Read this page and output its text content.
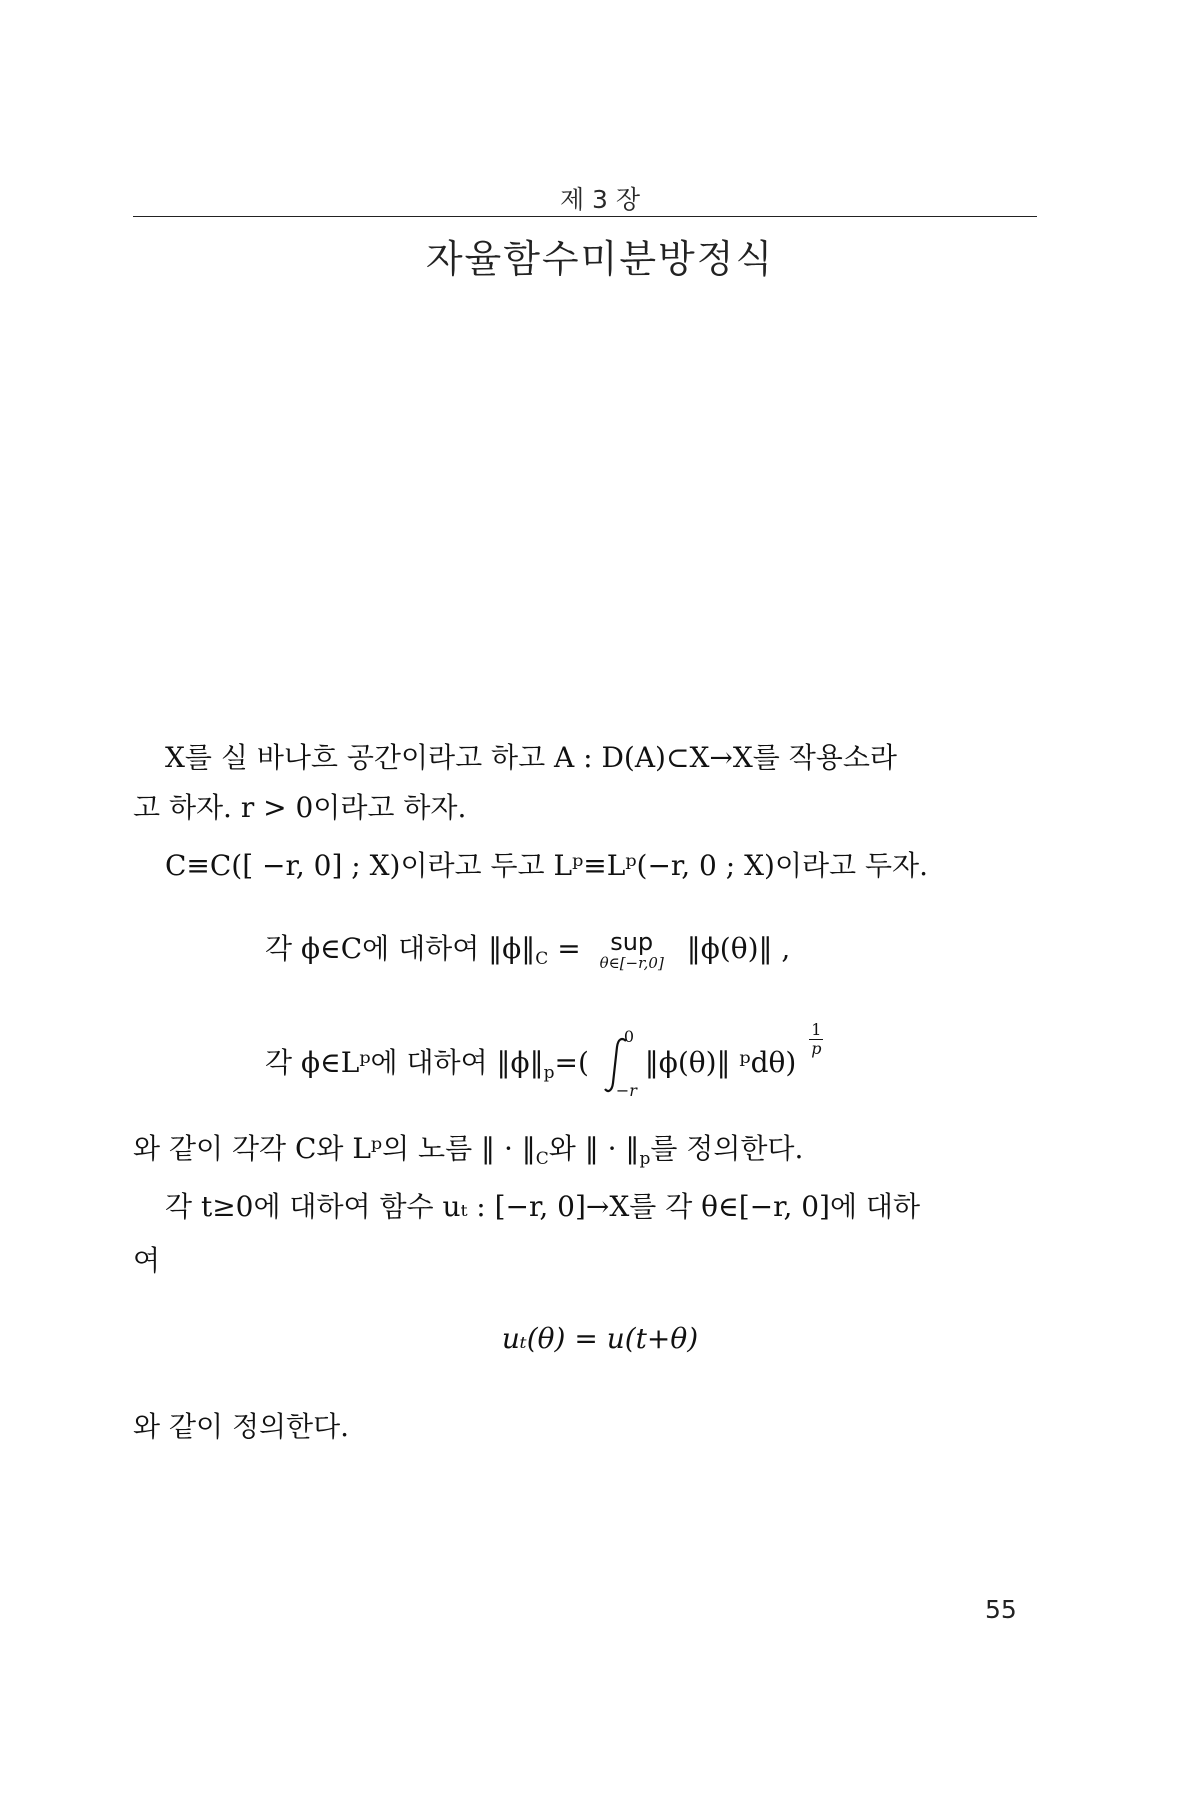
제 3 장
자율함수미분방정식
X를 실 바나흐 공간이라고 하고 A : D(A)⊂X→X를 작용소라
고 하자. r > 0이라고 하자.
C≡C([ −r, 0] ; X)이라고 두고 Lᵖ≡Lᵖ(−r, 0 ; X)이라고 두자.
각 ϕ∈C에 대하여 $‖\phi‖_C$ =	sup
θ∈[−r,0] ‖ϕ(θ)‖ ,
각 ϕ∈Lᵖ에 대하여 $‖\phi‖_p=$(
0
−r
‖ϕ(θ)‖ ᵖdθ)
$\frac{1}{p}$
와 같이 각각 C와 Lᵖ의 노름 ‖ · $‖_C$와 ‖ · $‖_p$를 정의한다.
각 t≥0에 대하여 함수 uₜ : [−r, 0]→X를 각 θ∈[−r, 0]에 대하
여
uₜ(θ) = u(t+θ)
와 같이 정의한다.
55
